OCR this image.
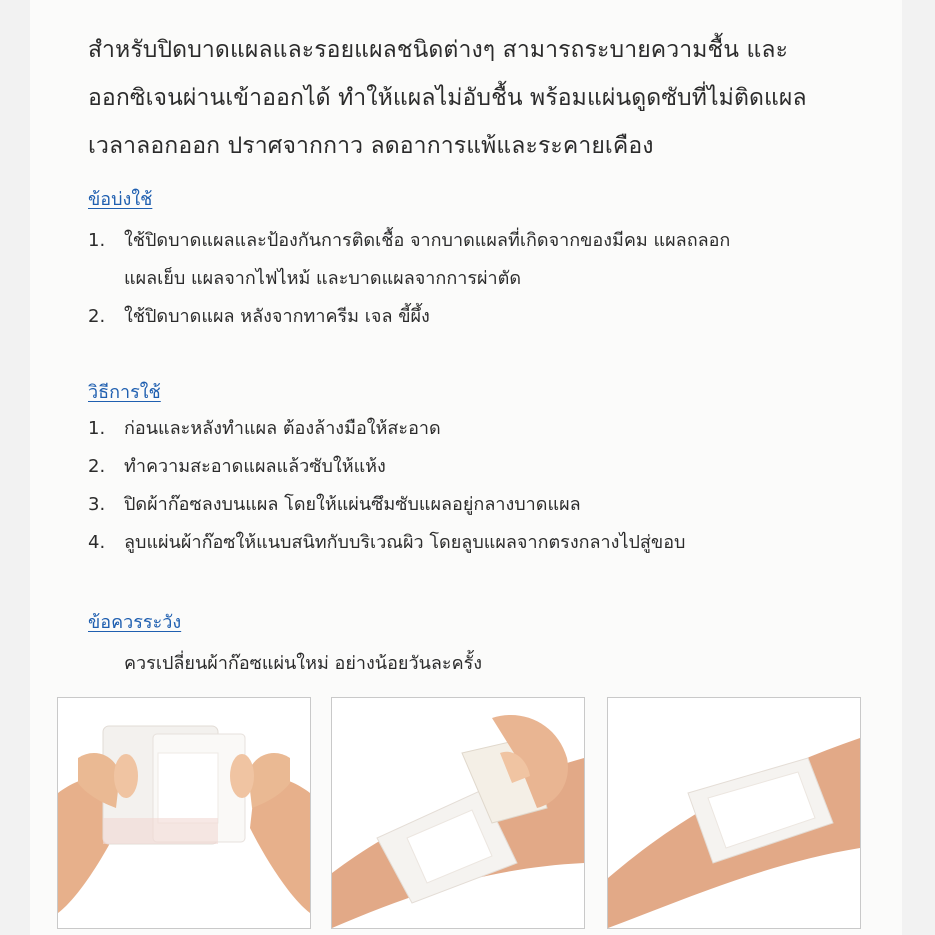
สำหรับปิดบาดแผลและรอยแผลชนิดต่างๆ สามารถระบายความชื้น และ

ออกซิเจนผ่านเข้าออกได้ ทำให้แผลไม่อับชื้น พร้อมแผ่นดูดซับที่ไม่ติดแผล

เวลาลอกออก ปราศจากกาว ลดอาการแพ้และระคายเคือง

ข้อบ่งใช้

1.	ใช้ปิดบาดแผลและป้องกันการติดเชื้อ จากบาดแผลที่เกิดจากของมีคม แผลถลอก
แผลเย็บ แผลจากไฟไหม้ และบาดแผลจากการผ่าตัด
2.	ใช้ปิดบาดแผล หลังจากทาครีม เจล ขี้ผึ้ง

วิธีการใช้

1.	ก่อนและหลังทำแผล ต้องล้างมือให้สะอาด
2.	ทำความสะอาดแผลแล้วซับให้แห้ง
3.	ปิดผ้าก๊อซลงบนแผล โดยให้แผ่นซึมซับแผลอยู่กลางบาดแผล
4.	ลูบแผ่นผ้าก๊อซให้แนบสนิทกับบริเวณผิว โดยลูบแผลจากตรงกลางไปสู่ขอบ

ข้อควรระวัง

ควรเปลี่ยนผ้าก๊อซแผ่นใหม่ อย่างน้อยวันละครั้ง
